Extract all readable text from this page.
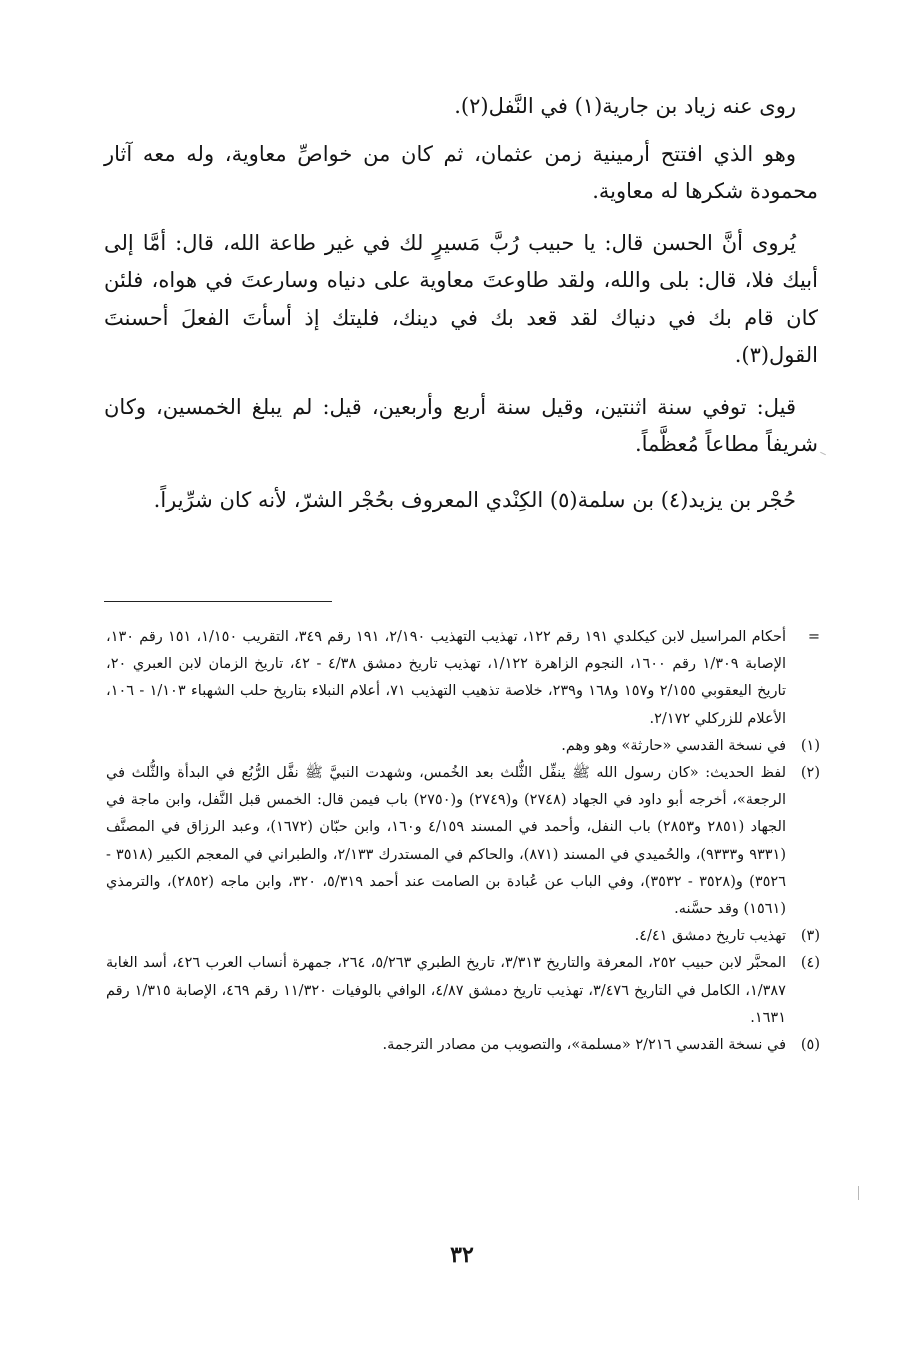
روى عنه زياد بن جارية(١) في النَّفل(٢).

وهو الذي افتتح أرمينية زمن عثمان، ثم كان من خواصِّ معاوية، وله معه آثار محمودة شكرها له معاوية.

يُروى أنَّ الحسن قال: يا حبيب رُبَّ مَسيرٍ لك في غير طاعة الله، قال: أمَّا إلى أبيك فلا، قال: بلى والله، ولقد طاوعتَ معاوية على دنياه وسارعتَ في هواه، فلئن كان قام بك في دنياك لقد قعد بك في دينك، فليتك إذ أسأتَ الفعلَ أحسنتَ القول(٣).

قيل: توفي سنة اثنتين، وقيل سنة أربع وأربعين، قيل: لم يبلغ الخمسين، وكان شريفاً مطاعاً مُعظَّماً.

حُجْر بن يزيد(٤) بن سلمة(٥) الكِنْدي المعروف بحُجْر الشرّ، لأنه كان شرِّيراً.

=
أحكام المراسيل لابن كيكلدي ١٩١ رقم ١٢٢، تهذيب التهذيب ٢/١٩٠، ١٩١ رقم ٣٤٩، التقريب ١/١٥٠، ١٥١ رقم ١٣٠، الإصابة ١/٣٠٩ رقم ١٦٠٠، النجوم الزاهرة ١/١٢٢، تهذيب تاريخ دمشق ٤/٣٨ - ٤٢، تاريخ الزمان لابن العبري ٢٠، تاريخ اليعقوبي ٢/١٥٥ و١٥٧ و١٦٨ و٢٣٩، خلاصة تذهيب التهذيب ٧١، أعلام النبلاء بتاريخ حلب الشهباء ١/١٠٣ - ١٠٦، الأعلام للزركلي ٢/١٧٢.
(١)
في نسخة القدسي «حارثة» وهو وهم.
(٢)
لفظ الحديث: «كان رسول الله ﷺ ينفِّل الثُّلث بعد الخُمس، وشهدت النبيَّ ﷺ نفَّل الرُّبُع في البدأة والثُّلث في الرجعة»، أخرجه أبو داود في الجهاد (٢٧٤٨) و(٢٧٤٩) و(٢٧٥٠) باب فيمن قال: الخمس قبل النَّفل، وابن ماجة في الجهاد (٢٨٥١ و٢٨٥٣) باب النفل، وأحمد في المسند ٤/١٥٩ و١٦٠، وابن حبّان (١٦٧٢)، وعبد الرزاق في المصنَّف (٩٣٣١ و٩٣٣٣)، والحُميدي في المسند (٨٧١)، والحاكم في المستدرك ٢/١٣٣، والطبراني في المعجم الكبير (٣٥١٨ - ٣٥٢٦) و(٣٥٢٨ - ٣٥٣٢)، وفي الباب عن عُبادة بن الصامت عند أحمد ٥/٣١٩، ٣٢٠، وابن ماجه (٢٨٥٢)، والترمذي (١٥٦١) وقد حسَّنه.
(٣)
تهذيب تاريخ دمشق ٤/٤١.
(٤)
المحبَّر لابن حبيب ٢٥٢، المعرفة والتاريخ ٣/٣١٣، تاريخ الطبري ٥/٢٦٣، ٢٦٤، جمهرة أنساب العرب ٤٢٦، أسد الغابة ١/٣٨٧، الكامل في التاريخ ٣/٤٧٦، تهذيب تاريخ دمشق ٤/٨٧، الوافي بالوفيات ١١/٣٢٠ رقم ٤٦٩، الإصابة ١/٣١٥ رقم ١٦٣١.
(٥)
في نسخة القدسي ٢/٢١٦ «مسلمة»، والتصويب من مصادر الترجمة.
٣٢
